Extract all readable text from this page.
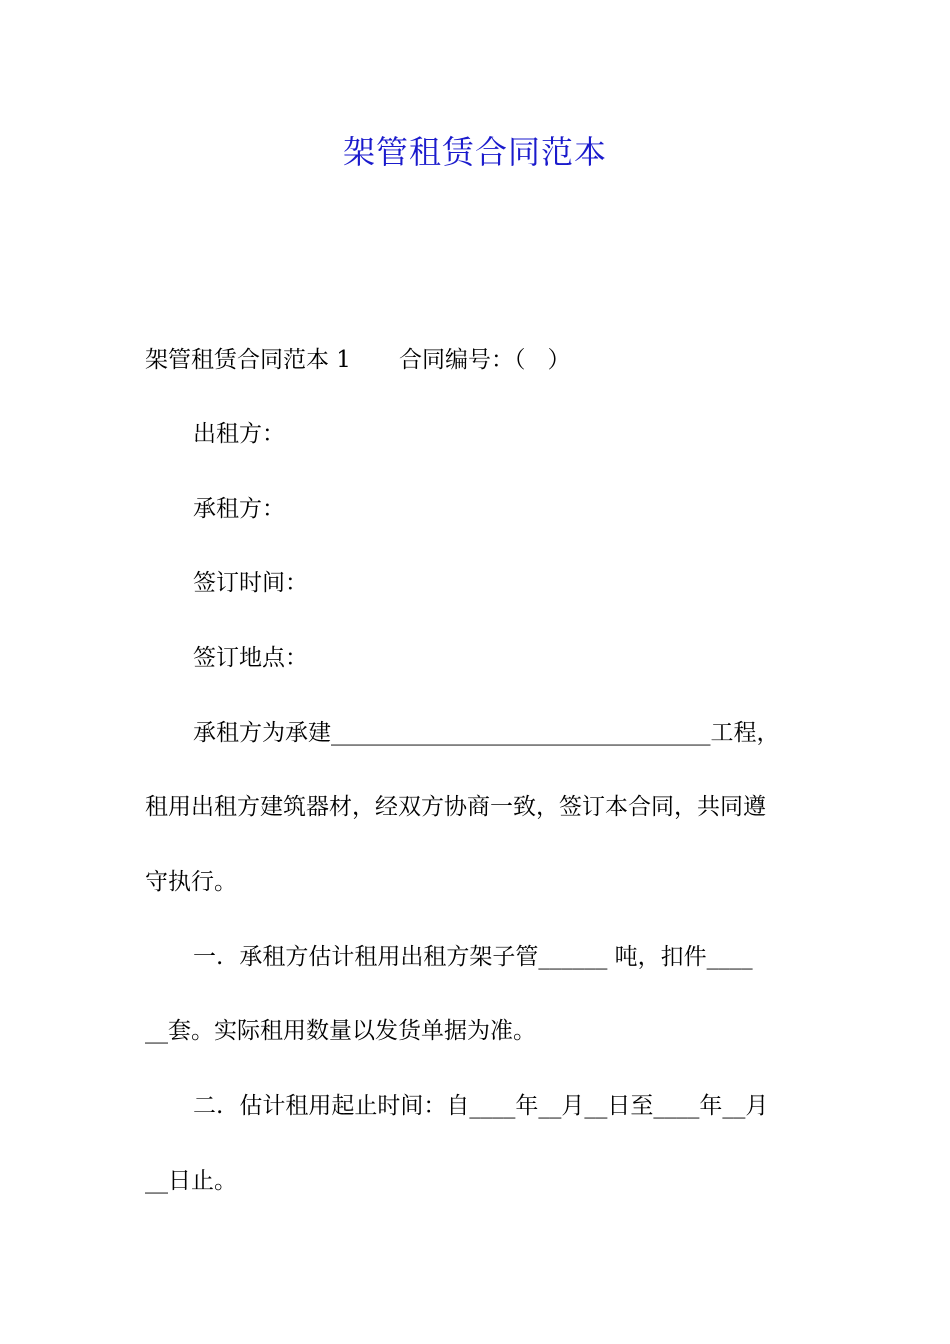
架管租赁合同范本
架管租赁合同范本 1 合同编号：（ ）
出租方：
承租方：
签订时间：
签订地点：
承租方为承建_________________________________工程，
租用出租方建筑器材，经双方协商一致，签订本合同，共同遵
守执行。
一. 承租方估计租用出租方架子管______ 吨，扣件____
__套。实际租用数量以发货单据为准。
二. 估计租用起止时间：自____年__月__日至____年__月
__日止。
